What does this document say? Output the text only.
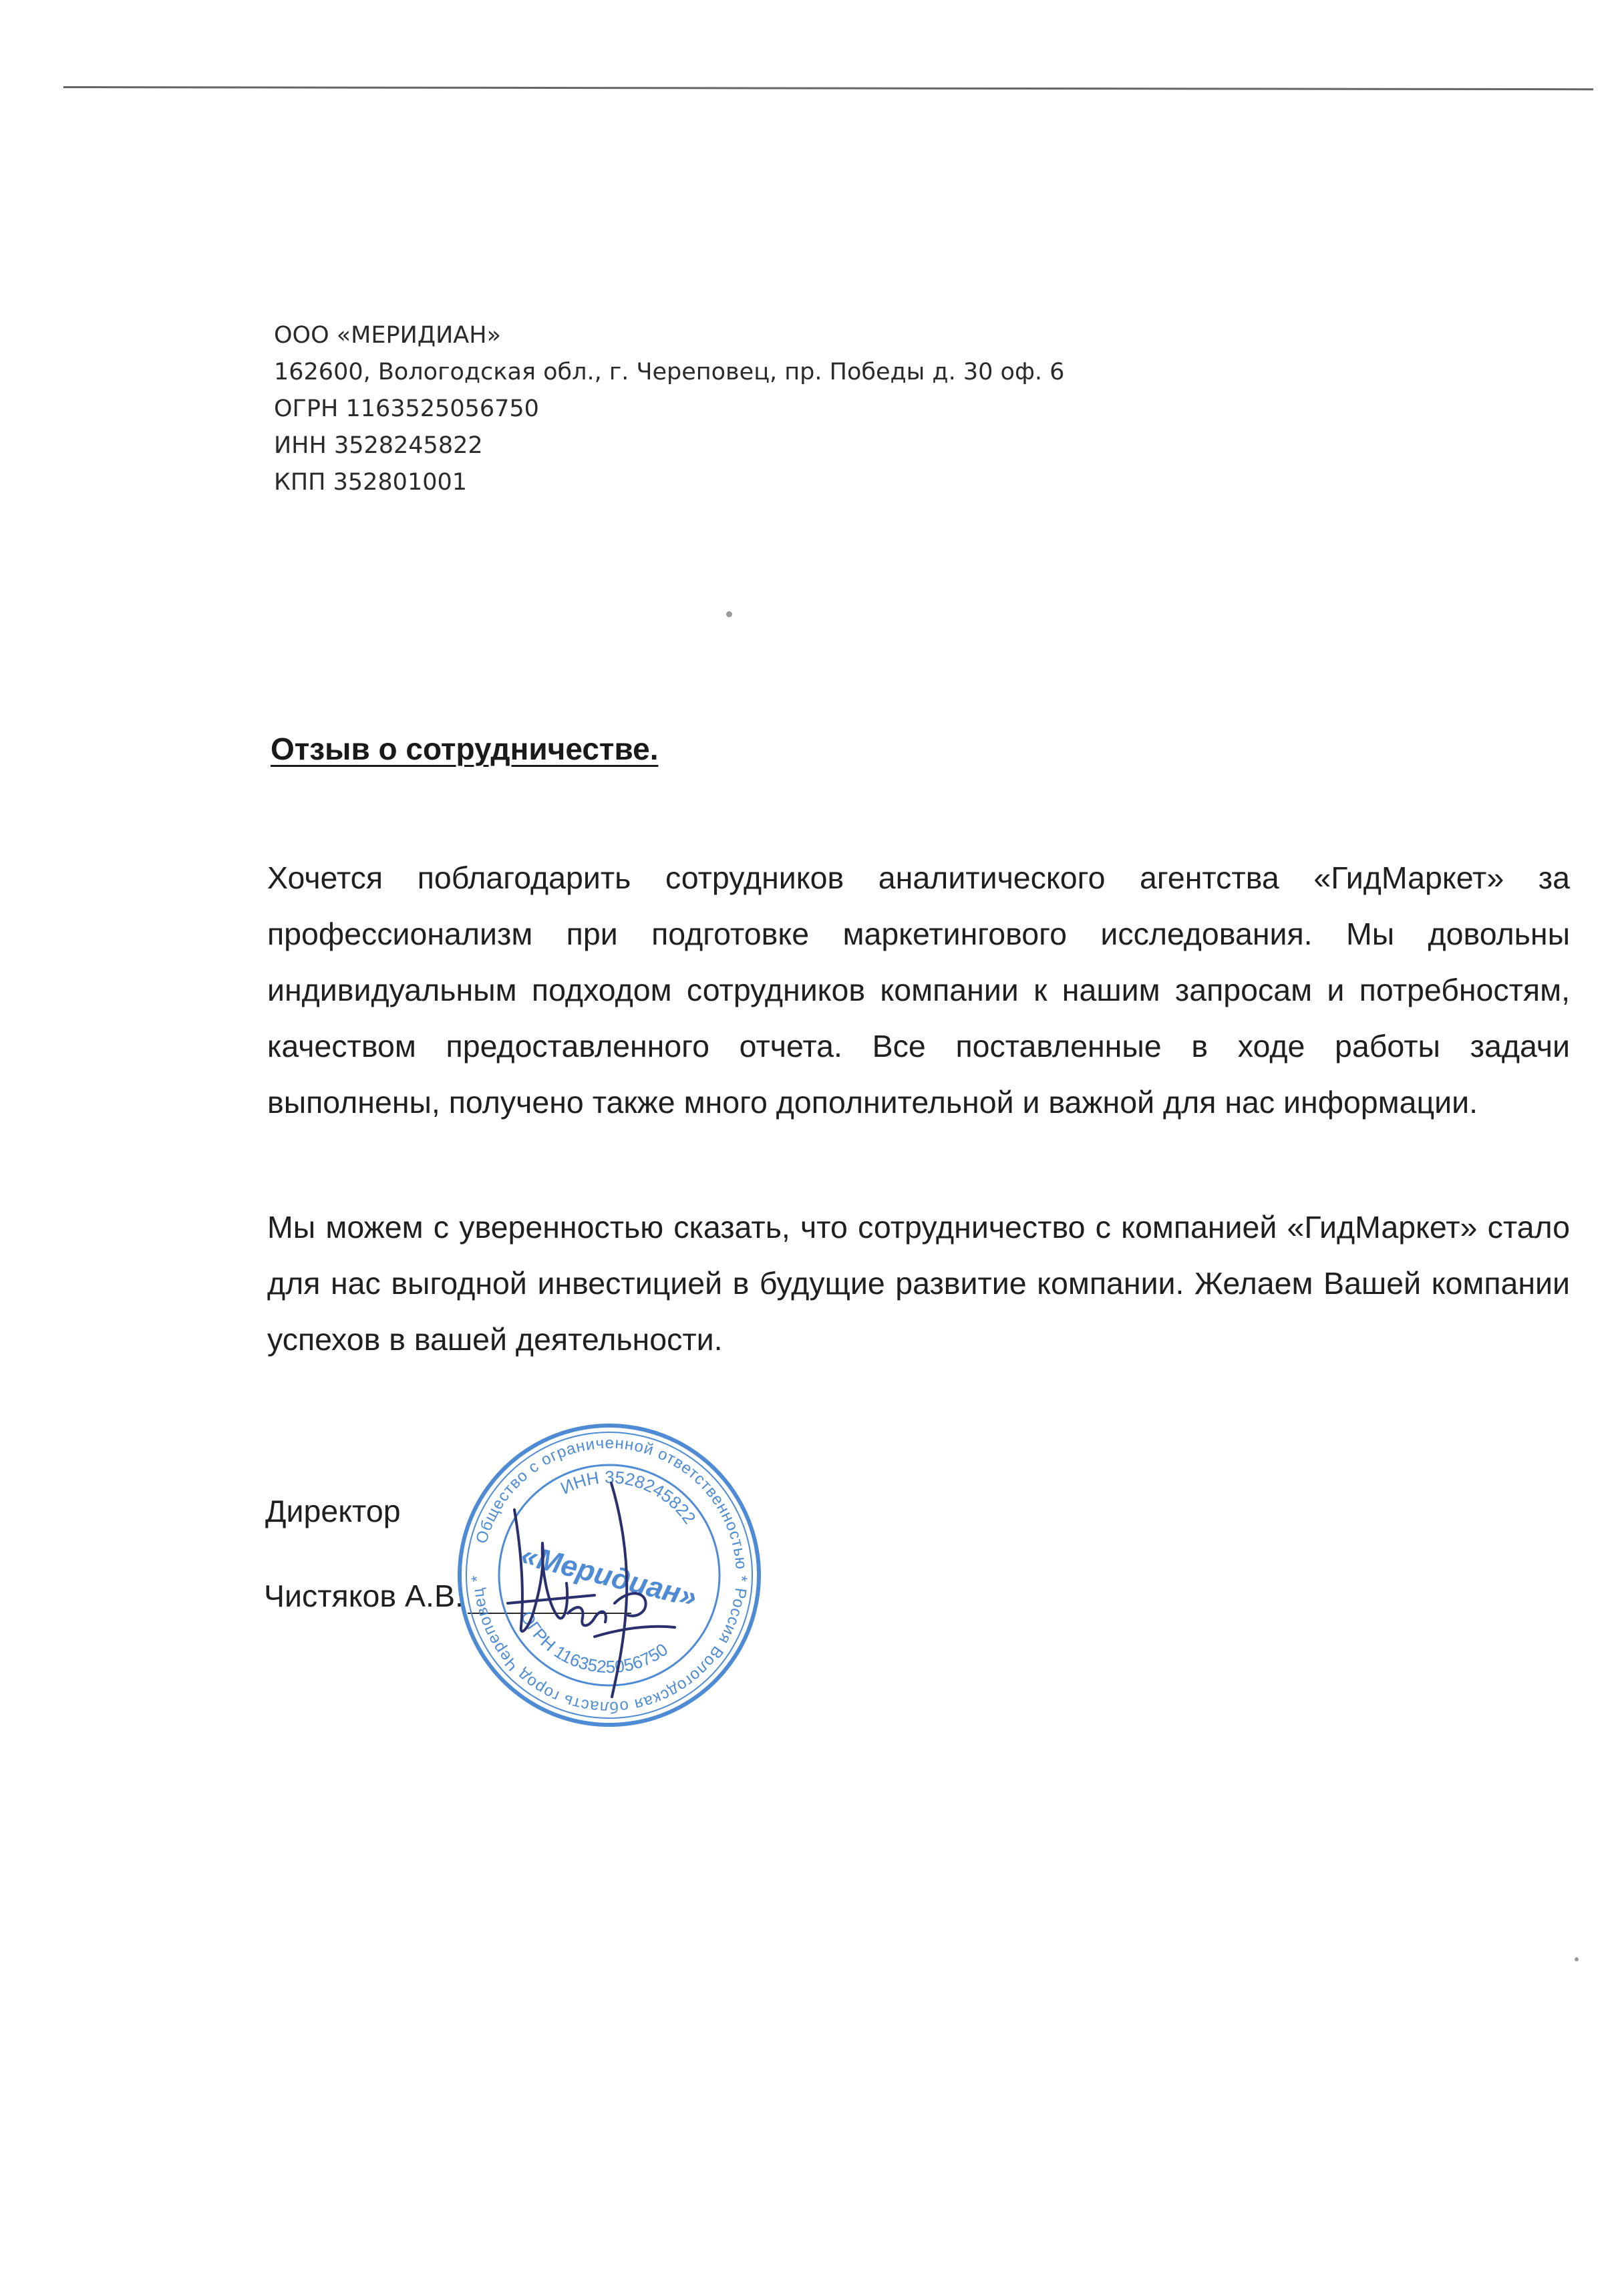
ООО «МЕРИДИАН»
162600, Вологодская обл., г. Череповец, пр. Победы д. 30 оф. 6
ОГРН 1163525056750
ИНН 3528245822
КПП 352801001
Отзыв о сотрудничестве.
Хочется поблагодарить сотрудников аналитического агентства «ГидМаркет» за профессионализм при подготовке маркетингового исследования. Мы довольны индивидуальным подходом сотрудников компании к нашим запросам и потребностям, качеством предоставленного отчета. Все поставленные в ходе работы задачи выполнены, получено также много дополнительной и важной для нас информации.
Мы можем с уверенностью сказать, что сотрудничество с компанией «ГидМаркет» стало для нас выгодной инвестицией в будущие развитие компании. Желаем Вашей компании успехов в вашей деятельности.
Директор
Чистяков А.В.
Общество с ограниченной ответственностью * Россия Вологодская область город Череповец *
ИНН 3528245822
ОГРН 1163525056750
«Меридиан»
